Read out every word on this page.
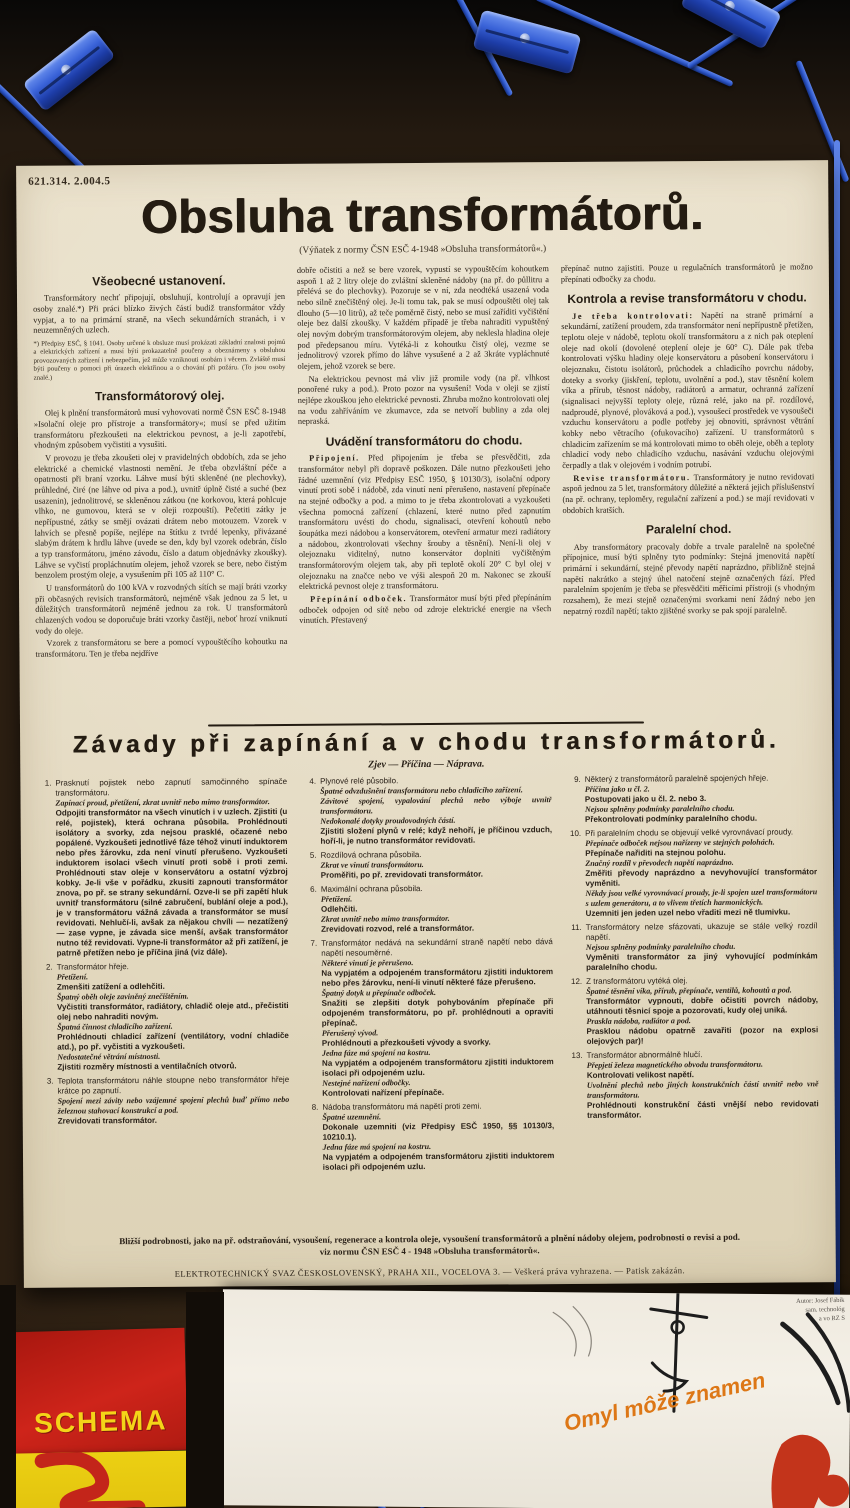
621.314. 2.004.5
Obsluha transformátorů.
(Výňatek z normy ČSN ESČ 4-1948 »Obsluha transformátorů«.)
Všeobecné ustanovení.

Transformátory nechť připojují, obsluhují, kontrolují a opravují jen osoby znalé.*) Při práci blízko živých částí budiž transformátor vždy vypjat, a to na primární straně, na všech sekundárních stranách, i v neuzemněných uzlech.

*) Předpisy ESČ, § 1041. Osoby určené k obsluze musí prokázati základní znalosti pojmů a elektrických zařízení a musí býti prokazatelně poučeny a obeznámeny s obsluhou provozovaných zařízení i nebezpečím, jež může vzniknouti osobám i věcem. Zvláště musí býti poučeny o pomoci při úrazech elektřinou a o chování při požáru. (To jsou osoby znalé.)

Transformátorový olej.

Olej k plnění transformátorů musí vyhovovati normě ČSN ESČ 8-1948 »Isolační oleje pro přístroje a transformátory«; musí se před užitím transformátoru přezkoušeti na elektrickou pevnost, a je-li zapotřebí, vhodným způsobem vyčistiti a vysušiti.

V provozu je třeba zkoušeti olej v pravidelných obdobích, zda se jeho elektrické a chemické vlastnosti nemění. Je třeba obzvláštní péče a opatrnosti při braní vzorku. Láhve musí býti skleněné (ne plechovky), průhledné, čiré (ne láhve od piva a pod.), uvnitř úplně čisté a suché (bez usazenin), jednolitrové, se skleněnou zátkou (ne korkovou, která pohlcuje vlhko, ne gumovou, která se v oleji rozpouští). Pečetiti zátky je nepřípustné, zátky se smějí ovázati drátem nebo motouzem. Vzorek v lahvích se přesně popíše, nejlépe na štítku z tvrdé lepenky, přivázané slabým drátem k hrdlu láhve (uvede se den, kdy byl vzorek odebrán, číslo a typ transformátoru, jméno závodu, číslo a datum objednávky zkoušky). Láhve se vyčistí propláchnutím olejem, jehož vzorek se bere, nebo čistým benzolem prostým oleje, a vysušením při 105 až 110° C.

U transformátorů do 100 kVA v rozvodných sítích se mají bráti vzorky při občasných revisích transformátorů, nejméně však jednou za 5 let, u důležitých transformátorů nejméně jednou za rok. U transformátorů chlazených vodou se doporučuje bráti vzorky častěji, neboť hrozí vniknutí vody do oleje.

Vzorek z transformátoru se bere a pomocí vypouštěcího kohoutku na transformátoru. Ten je třeba nejdříve

dobře očistiti a než se bere vzorek, vypustí se vypouštěcím kohoutkem aspoň 1 až 2 litry oleje do zvláštní skleněné nádoby (na př. do půllitru a přelévá se do plechovky). Pozoruje se v ní, zda neodtéká usazená voda nebo silně znečištěný olej. Je-li tomu tak, pak se musí odpouštěti olej tak dlouho (5—10 litrů), až teče poměrně čistý, nebo se musí zaříditi vyčištění oleje bez další zkoušky. V každém případě je třeba nahraditi vypuštěný olej novým dobrým transformátorovým olejem, aby neklesla hladina oleje pod předepsanou míru. Vytéká-li z kohoutku čistý olej, vezme se jednolitrový vzorek přímo do láhve vysušené a 2 až 3kráte vypláchnuté olejem, jehož vzorek se bere.

Na elektrickou pevnost má vliv již promile vody (na př. vlhkost ponořené ruky a pod.). Proto pozor na vysušení! Voda v oleji se zjistí nejlépe zkouškou jeho elektrické pevnosti. Zhruba možno kontrolovati olej na vodu zahříváním ve zkumavce, zda se netvoří bubliny a zda olej nepraská.

Uvádění transformátoru do chodu.

Připojení. Před připojením je třeba se přesvědčiti, zda transformátor nebyl při dopravě poškozen. Dále nutno přezkoušeti jeho řádné uzemnění (viz Předpisy ESČ 1950, § 10130/3), isolační odpory vinutí proti sobě i nádobě, zda vinutí není přerušeno, nastavení přepínače na stejné odbočky a pod. a mimo to je třeba zkontrolovati a vyzkoušeti všechna pomocná zařízení (chlazení, které nutno před zapnutím transformátoru uvésti do chodu, signalisaci, otevření kohoutů nebo šoupátka mezi nádobou a konservátorem, otevření armatur mezi radiátory a nádobou, zkontrolovati všechny šrouby a těsnění). Není-li olej v olejoznaku viditelný, nutno konservátor doplniti vyčištěným transformátorovým olejem tak, aby při teplotě okolí 20° C byl olej v olejoznaku na značce nebo ve výši alespoň 20 m. Nakonec se zkouší elektrická pevnost oleje z transformátoru.

Přepínání odboček. Transformátor musí býti před přepínáním odboček odpojen od sítě nebo od zdroje elektrické energie na všech vinutích. Přestavený

přepínač nutno zajistiti. Pouze u regulačních transformátorů je možno přepínati odbočky za chodu.

Kontrola a revise transformátoru v chodu.

Je třeba kontrolovati: Napětí na straně primární a sekundární, zatížení proudem, zda transformátor není nepřípustně přetížen, teplotu oleje v nádobě, teplotu okolí transformátoru a z nich pak oteplení oleje nad okolí (dovolené oteplení oleje je 60° C). Dále pak třeba kontrolovati výšku hladiny oleje konservátoru a působení konservátoru i olejoznaku, čistotu isolátorů, průchodek a chladicího povrchu nádoby, doteky a svorky (jiskření, teplotu, uvolnění a pod.), stav těsnění kolem víka a přírub, těsnost nádoby, radiátorů a armatur, ochranná zařízení (signalisaci nejvyšší teploty oleje, různá relé, jako na př. rozdílové, nadproudé, plynové, plováková a pod.), vysoušecí prostředek ve vysoušeči vzduchu konservátoru a podle potřeby jej obnoviti, správnost větrání kobky nebo větracího (ofukovacího) zařízení. U transformátorů s chladicím zařízením se má kontrolovati mimo to oběh oleje, oběh a teploty chladicí vody nebo chladicího vzduchu, nasávání vzduchu olejovými čerpadly a tlak v olejovém i vodním potrubí.

Revise transformátoru. Transformátory je nutno revidovati aspoň jednou za 5 let, transformátory důležité a některá jejich příslušenství (na př. ochrany, teploměry, regulační zařízení a pod.) se mají revidovati v obdobích kratších.

Paralelní chod.

Aby transformátory pracovaly dobře a trvale paralelně na společné přípojnice, musí býti splněny tyto podmínky: Stejná jmenovitá napětí primární i sekundární, stejné převody napětí naprázdno, přibližně stejná napětí nakrátko a stejný úhel natočení stejně označených fází. Před paralelním spojením je třeba se přesvědčiti měřicími přístroji (s vhodným rozsahem), že mezi stejně označenými svorkami není žádný nebo jen nepatrný rozdíl napětí; takto zjištěné svorky se pak spojí paralelně.

Závady při zapínání a v chodu transformátorů.
Zjev — Příčina — Náprava.
1. Prasknutí pojistek nebo zapnutí samočinného spínače transformátoru.
Zapínací proud, přetížení, zkrat uvnitř nebo mimo transformátor.
Odpojiti transformátor na všech vinutích i v uzlech. Zjistiti (u relé, pojistek), která ochrana působila. Prohlédnouti isolátory a svorky, zda nejsou prasklé, očazené nebo popálené. Vyzkoušeti jednotlivé fáze téhož vinutí induktorem nebo přes žárovku, zda není vinutí přerušeno. Vyzkoušeti induktorem isolaci všech vinutí proti sobě i proti zemi. Prohlédnouti stav oleje v konservátoru a ostatní výzbroj kobky. Je-li vše v pořádku, zkusiti zapnouti transformátor znova, po př. se strany sekundární. Ozve-li se při zapětí hluk uvnitř transformátoru (silné zabručení, bublání oleje a pod.), je v transformátoru vážná závada a transformátor se musí revidovati. Nehlučí-li, avšak za nějakou chvíli — nezatížený — zase vypne, je závada sice menší, avšak transformátor nutno též revidovati. Vypne-li transformátor až při zatížení, je patrně přetížen nebo je příčina jiná (viz dále).
2. Transformátor hřeje.
Přetížení.
Zmenšiti zatížení a odlehčiti.
Špatný oběh oleje zaviněný znečištěním.
Vyčistiti transformátor, radiátory, chladič oleje atd., přečistiti olej nebo nahraditi novým.
Špatná činnost chladicího zařízení.
Prohlédnouti chladicí zařízení (ventilátory, vodní chladiče atd.), po př. vyčistiti a vyzkoušeti.
Nedostatečné větrání místnosti.
Zjistiti rozměry místnosti a ventilačních otvorů.
3. Teplota transformátoru náhle stoupne nebo transformátor hřeje krátce po zapnutí.
Spojení mezi závity nebo vzájemné spojení plechů buď přímo nebo železnou stahovací konstrukcí a pod.
Zrevidovati transformátor.
4. Plynové relé působilo.
Špatné odvzdušnění transformátoru nebo chladicího zařízení.
Závitové spojení, vypalování plechů nebo výboje uvnitř transformátoru.
Nedokonalé dotyky proudovodných částí.
Zjistiti složení plynů v relé; když nehoří, je příčinou vzduch, hoří-li, je nutno transformátor revidovati.
5. Rozdílová ochrana působila.
Zkrat ve vinutí transformátoru.
Proměřiti, po př. zrevidovati transformátor.
6. Maximální ochrana působila.
Přetížení.
Odlehčiti.
Zkrat uvnitř nebo mimo transformátor.
Zrevidovati rozvod, relé a transformátor.
7. Transformátor nedává na sekundární straně napětí nebo dává napětí nesouměrné.
Některé vinutí je přerušeno.
Na vypjatém a odpojeném transformátoru zjistiti induktorem nebo přes žárovku, není-li vinutí některé fáze přerušeno.
Špatný dotyk u přepínače odboček.
Snažiti se zlepšiti dotyk pohybováním přepínače při odpojeném transformátoru, po př. prohlédnouti a opraviti přepínač.
Přerušený vývod.
Prohlédnouti a přezkoušeti vývody a svorky.
Jedna fáze má spojení na kostru.
Na vypjatém a odpojeném transformátoru zjistiti induktorem isolaci při odpojeném uzlu.
Nestejné nařízení odbočky.
Kontrolovati nařízení přepínače.
8. Nádoba transformátoru má napětí proti zemi.
Špatné uzemnění.
Dokonale uzemniti (viz Předpisy ESČ 1950, §§ 10130/3, 10210.1).
Jedna fáze má spojení na kostru.
Na vypjatém a odpojeném transformátoru zjistiti induktorem isolaci při odpojeném uzlu.
9. Některý z transformátorů paralelně spojených hřeje.
Příčina jako u čl. 2.
Postupovati jako u čl. 2. nebo 3.
Nejsou splněny podmínky paralelního chodu.
Překontrolovati podmínky paralelního chodu.
10. Při paralelním chodu se objevují velké vyrovnávací proudy.
Přepínače odboček nejsou nařízeny ve stejných polohách.
Přepínače nařiditi na stejnou polohu.
Značný rozdíl v převodech napětí naprázdno.
Změřiti převody naprázdno a nevyhovující transformátor vyměniti.
Někdy jsou velké vyrovnávací proudy, je-li spojen uzel transformátoru s uzlem generátoru, a to vlivem třetích harmonických.
Uzemniti jen jeden uzel nebo vřaditi mezi ně tlumivku.
11. Transformátory nelze sfázovati, ukazuje se stále velký rozdíl napětí.
Nejsou splněny podmínky paralelního chodu.
Vyměniti transformátor za jiný vyhovující podmínkám paralelního chodu.
12. Z transformátoru vytéká olej.
Špatné těsnění víka, přírub, přepínače, ventilů, kohoutů a pod.
Transformátor vypnouti, dobře očistiti povrch nádoby, utáhnouti těsnicí spoje a pozorovati, kudy olej uniká.
Praskla nádoba, radiátor a pod.
Prasklou nádobu opatrně zavařiti (pozor na explosi olejových par)!
13. Transformátor abnormálně hlučí.
Přepjetí železa magnetického obvodu transformátoru.
Kontrolovati velikost napětí.
Uvolnění plechů nebo jiných konstrukčních částí uvnitř nebo vně transformátoru.
Prohlédnouti konstrukční části vnější nebo revidovati transformátor.
Bližší podrobnosti, jako na př. odstraňování, vysoušení, regenerace a kontrola oleje, vysoušení transformátorů a plnění nádoby olejem, podrobnosti o revisi a pod.
viz normu ČSN ESČ 4 - 1948 »Obsluha transformátorů«.
ELEKTROTECHNICKÝ SVAZ ČESKOSLOVENSKÝ, PRAHA XII., VOCELOVA 3. — Veškerá práva vyhrazena. — Patisk zakázán.
Omyl môže znamen
Autor: Josef Fábik
sam. technológ
a vo RZ S
SCHEMA
